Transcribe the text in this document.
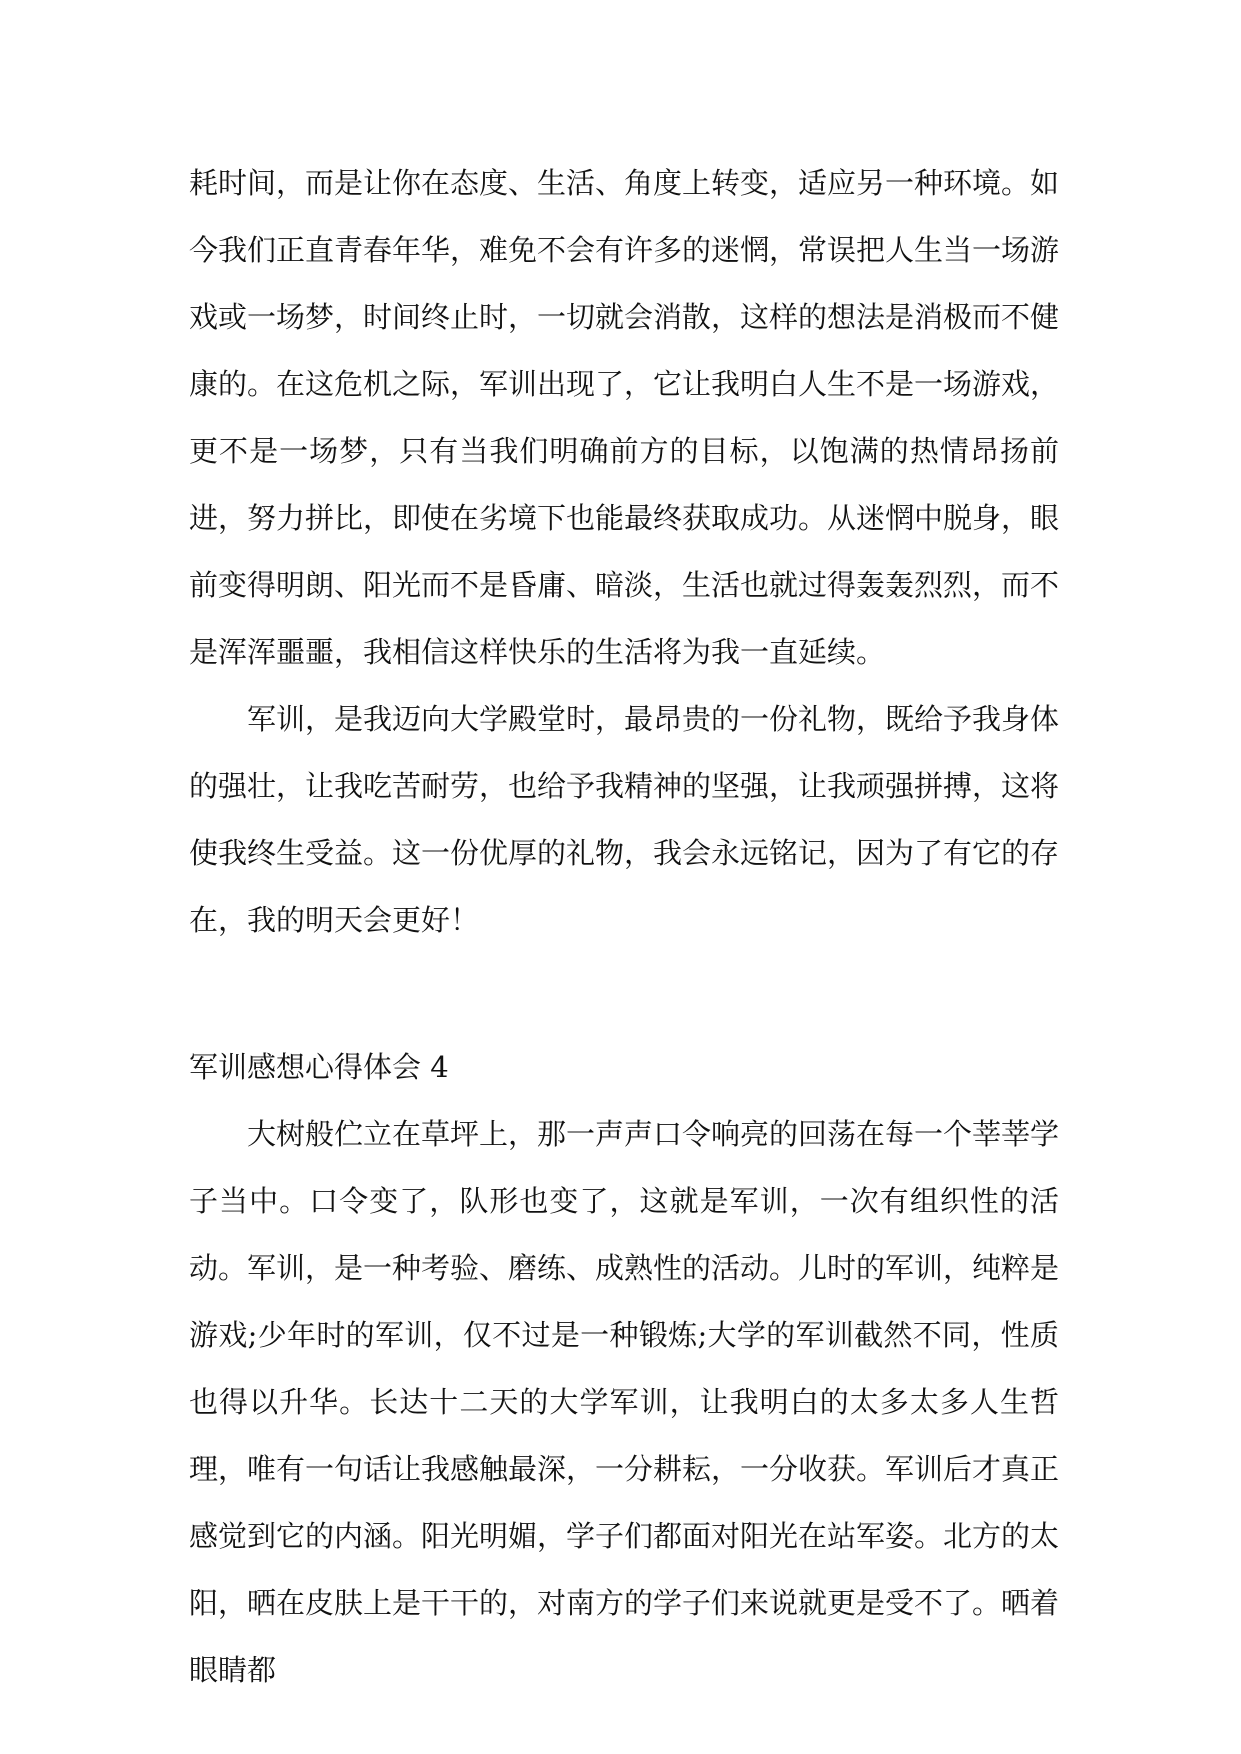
耗时间，而是让你在态度、生活、角度上转变，适应另一种环境。如今我们正直青春年华，难免不会有许多的迷惘，常误把人生当一场游戏或一场梦，时间终止时，一切就会消散，这样的想法是消极而不健康的。在这危机之际，军训出现了，它让我明白人生不是一场游戏，更不是一场梦，只有当我们明确前方的目标，以饱满的热情昂扬前进，努力拼比，即使在劣境下也能最终获取成功。从迷惘中脱身，眼前变得明朗、阳光而不是昏庸、暗淡，生活也就过得轰轰烈烈，而不是浑浑噩噩，我相信这样快乐的生活将为我一直延续。

军训，是我迈向大学殿堂时，最昂贵的一份礼物，既给予我身体的强壮，让我吃苦耐劳，也给予我精神的坚强，让我顽强拼搏，这将使我终生受益。这一份优厚的礼物，我会永远铭记，因为了有它的存在，我的明天会更好！

军训感想心得体会 4

大树般伫立在草坪上，那一声声口令响亮的回荡在每一个莘莘学子当中。口令变了，队形也变了，这就是军训，一次有组织性的活动。军训，是一种考验、磨练、成熟性的活动。儿时的军训，纯粹是游戏;少年时的军训，仅不过是一种锻炼;大学的军训截然不同，性质也得以升华。长达十二天的大学军训，让我明白的太多太多人生哲理，唯有一句话让我感触最深，一分耕耘，一分收获。军训后才真正感觉到它的内涵。阳光明媚，学子们都面对阳光在站军姿。北方的太阳，晒在皮肤上是干干的，对南方的学子们来说就更是受不了。晒着眼睛都
